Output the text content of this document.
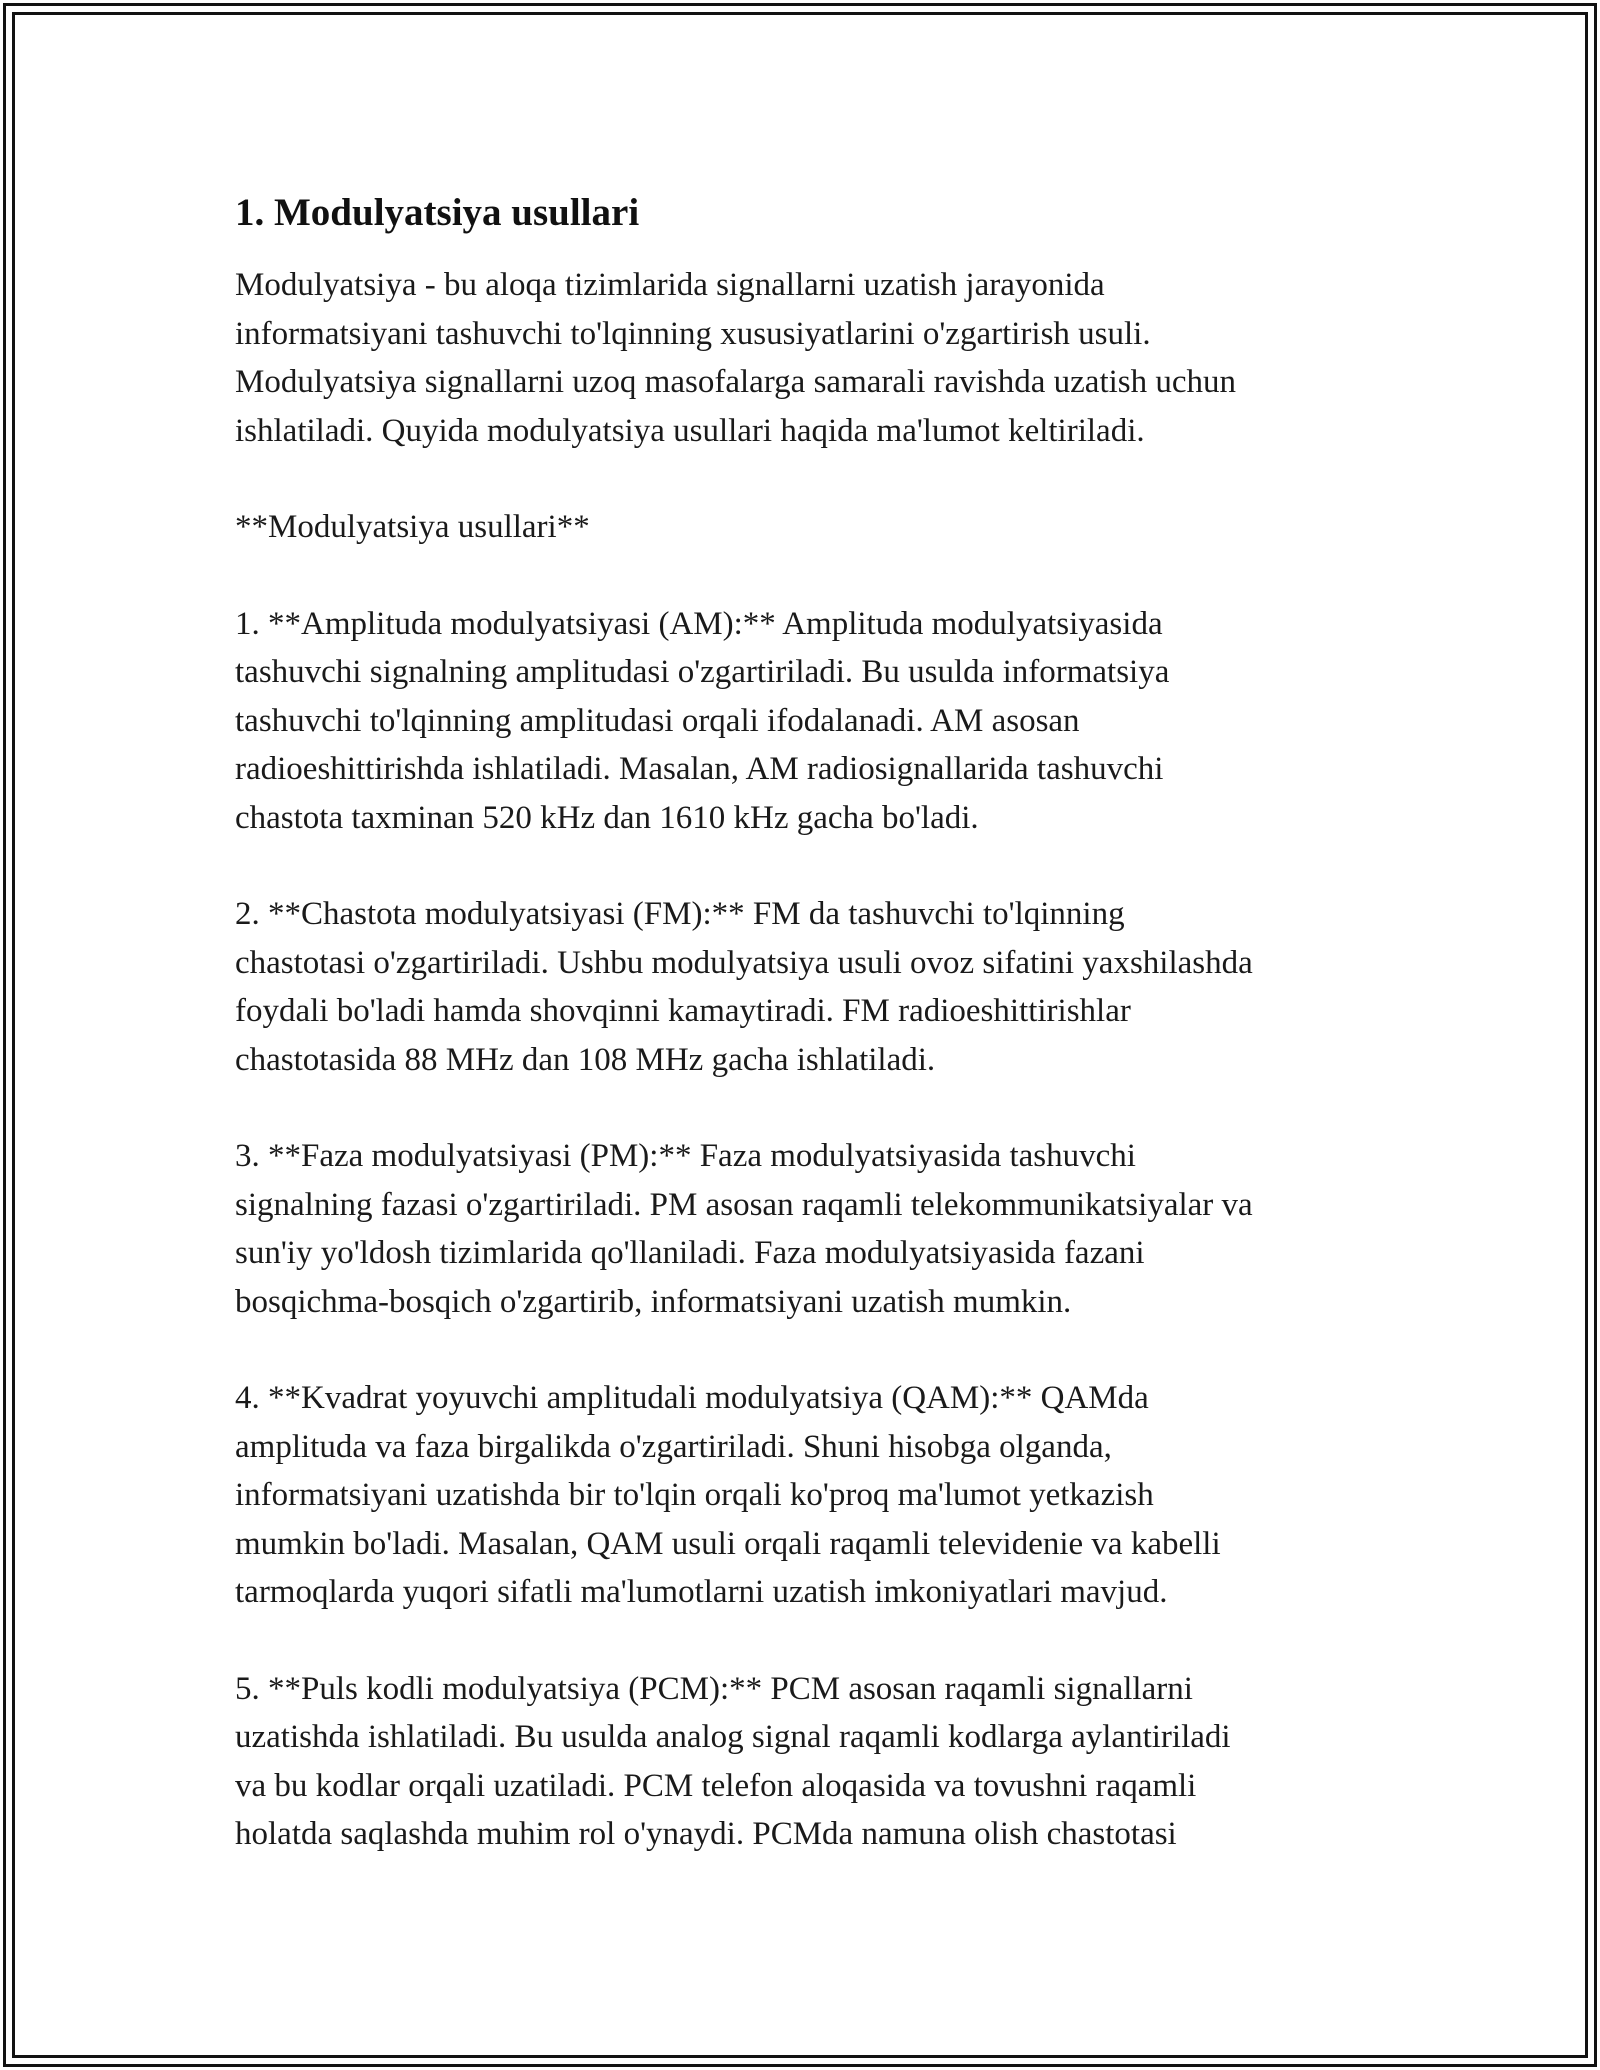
1. Modulyatsiya usullari

Modulyatsiya - bu aloqa tizimlarida signallarni uzatish jarayonida
informatsiyani tashuvchi to'lqinning xususiyatlarini o'zgartirish usuli.
Modulyatsiya signallarni uzoq masofalarga samarali ravishda uzatish uchun
ishlatiladi. Quyida modulyatsiya usullari haqida ma'lumot keltiriladi.

**Modulyatsiya usullari**

1. **Amplituda modulyatsiyasi (AM):** Amplituda modulyatsiyasida
tashuvchi signalning amplitudasi o'zgartiriladi. Bu usulda informatsiya
tashuvchi to'lqinning amplitudasi orqali ifodalanadi. AM asosan
radioeshittirishda ishlatiladi. Masalan, AM radiosignallarida tashuvchi
chastota taxminan 520 kHz dan 1610 kHz gacha bo'ladi.

2. **Chastota modulyatsiyasi (FM):** FM da tashuvchi to'lqinning
chastotasi o'zgartiriladi. Ushbu modulyatsiya usuli ovoz sifatini yaxshilashda
foydali bo'ladi hamda shovqinni kamaytiradi. FM radioeshittirishlar
chastotasida 88 MHz dan 108 MHz gacha ishlatiladi.

3. **Faza modulyatsiyasi (PM):** Faza modulyatsiyasida tashuvchi
signalning fazasi o'zgartiriladi. PM asosan raqamli telekommunikatsiyalar va
sun'iy yo'ldosh tizimlarida qo'llaniladi. Faza modulyatsiyasida fazani
bosqichma-bosqich o'zgartirib, informatsiyani uzatish mumkin.

4. **Kvadrat yoyuvchi amplitudali modulyatsiya (QAM):** QAMda
amplituda va faza birgalikda o'zgartiriladi. Shuni hisobga olganda,
informatsiyani uzatishda bir to'lqin orqali ko'proq ma'lumot yetkazish
mumkin bo'ladi. Masalan, QAM usuli orqali raqamli televidenie va kabelli
tarmoqlarda yuqori sifatli ma'lumotlarni uzatish imkoniyatlari mavjud.

5. **Puls kodli modulyatsiya (PCM):** PCM asosan raqamli signallarni
uzatishda ishlatiladi. Bu usulda analog signal raqamli kodlarga aylantiriladi
va bu kodlar orqali uzatiladi. PCM telefon aloqasida va tovushni raqamli
holatda saqlashda muhim rol o'ynaydi. PCMda namuna olish chastotasi
